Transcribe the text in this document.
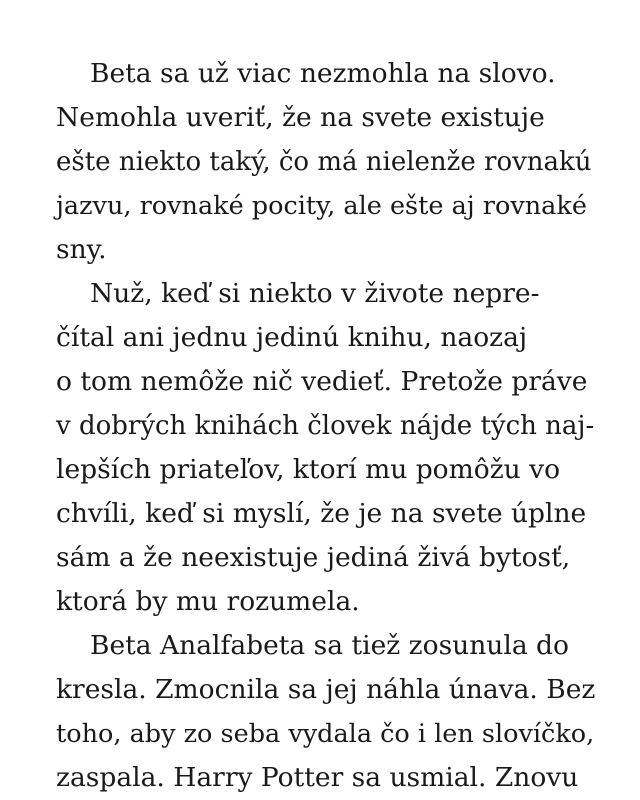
Beta sa už viac nezmohla na slovo.
Nemohla uveriť, že na svete existuje
ešte niekto taký, čo má nielenže rovnakú
jazvu, rovnaké pocity, ale ešte aj rovnaké
sny.
Nuž, keď si niekto v živote nepre-
čítal ani jednu jedinú knihu, naozaj
o tom nemôže nič vedieť. Pretože práve
v dobrých knihách človek nájde tých naj-
lepších priateľov, ktorí mu pomôžu vo
chvíli, keď si myslí, že je na svete úplne
sám a že neexistuje jediná živá bytosť,
ktorá by mu rozumela.
Beta Analfabeta sa tiež zosunula do
kresla. Zmocnila sa jej náhla únava. Bez
toho, aby zo seba vydala čo i len slovíčko,
zaspala. Harry Potter sa usmial. Znovu
